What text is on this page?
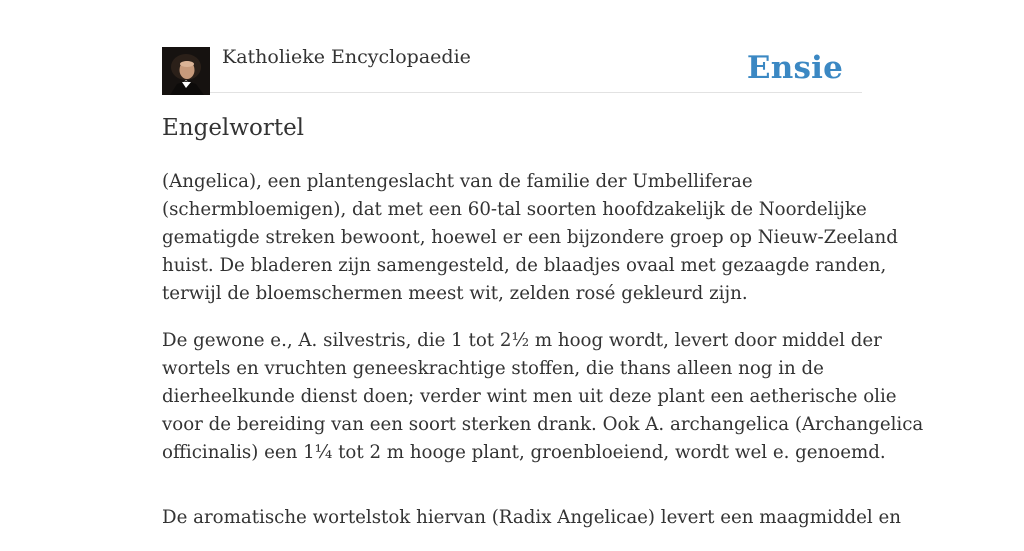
Katholieke Encyclopaedie	Ensie
Engelwortel

(Angelica), een plantengeslacht van de familie der Umbelliferae
(schermbloemigen), dat met een 60-tal soorten hoofdzakelijk de Noordelijke
gematigde streken bewoont, hoewel er een bijzondere groep op Nieuw-Zeeland
huist. De bladeren zijn samengesteld, de blaadjes ovaal met gezaagde randen,
terwijl de bloemschermen meest wit, zelden rosé gekleurd zijn.

De gewone e., A. silvestris, die 1 tot 2½ m hoog wordt, levert door middel der
wortels en vruchten geneeskrachtige stoffen, die thans alleen nog in de
dierheelkunde dienst doen; verder wint men uit deze plant een aetherische olie
voor de bereiding van een soort sterken drank. Ook A. archangelica (Archangelica
officinalis) een 1¼ tot 2 m hooge plant, groenbloeiend, wordt wel e. genoemd.

De aromatische wortelstok hiervan (Radix Angelicae) levert een maagmiddel en
